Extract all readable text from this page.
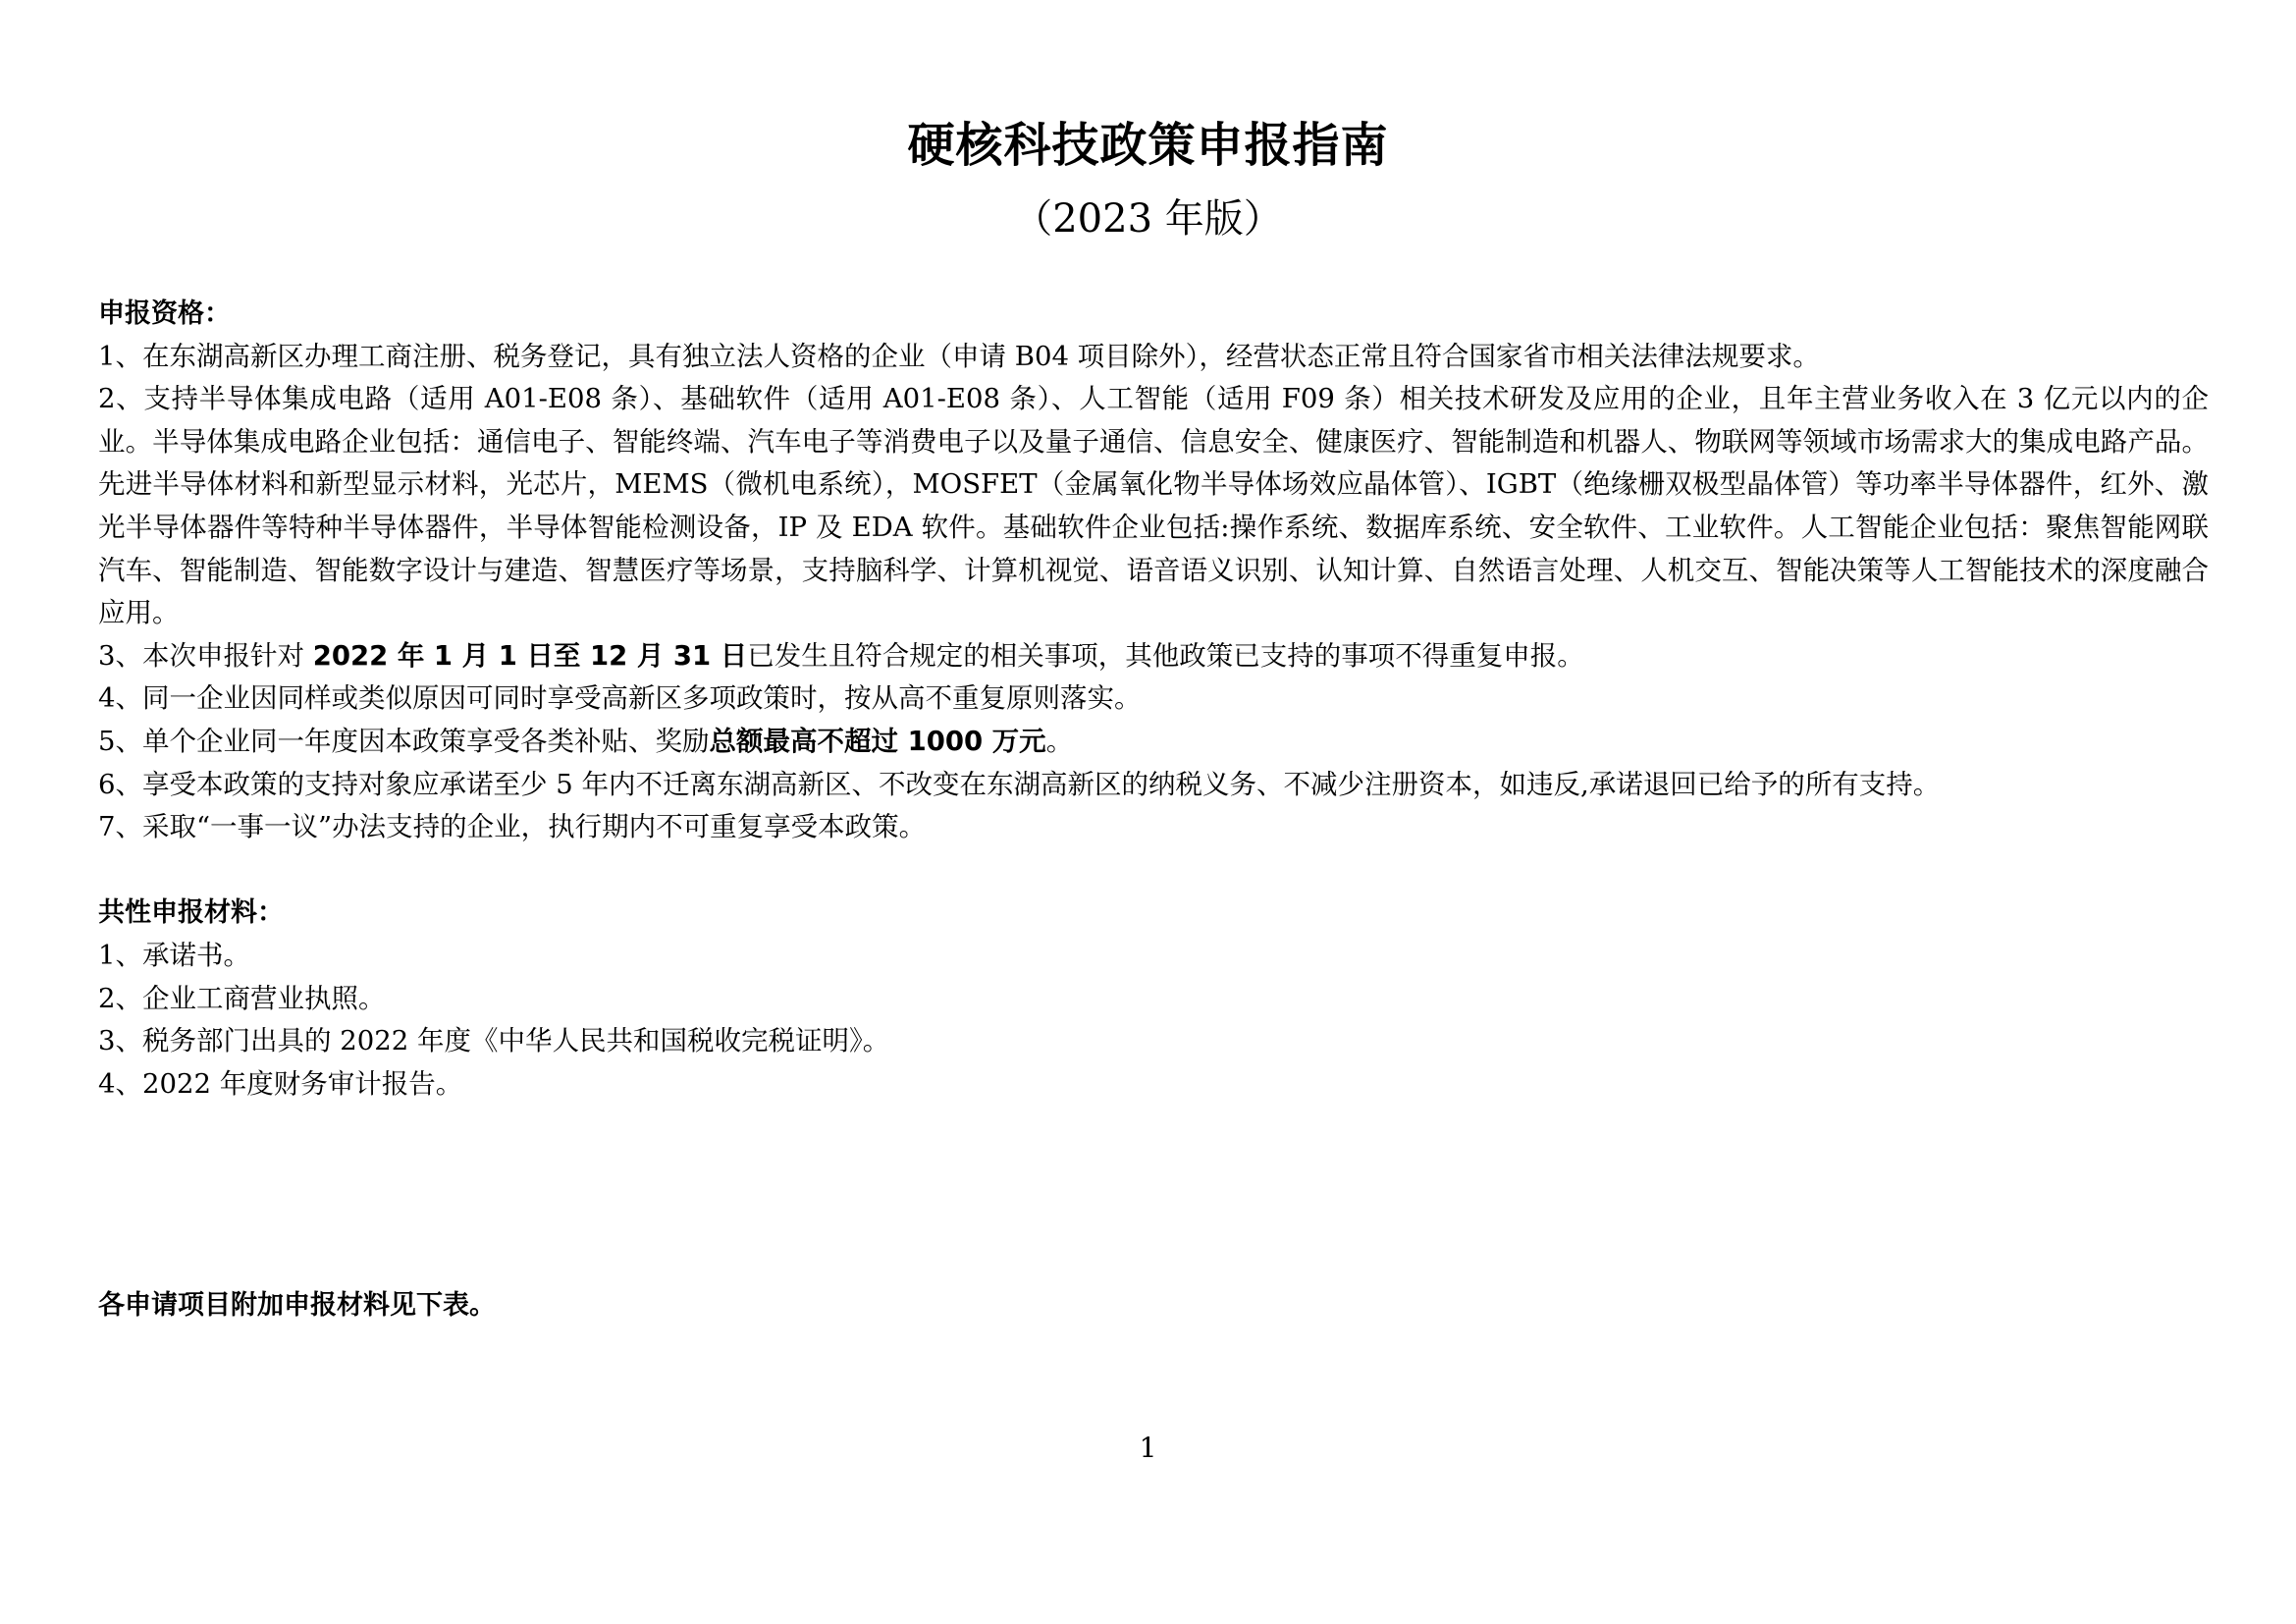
硬核科技政策申报指南

（2023 年版）

申报资格：

1、在东湖高新区办理工商注册、税务登记，具有独立法人资格的企业（申请 B04 项目除外），经营状态正常且符合国家省市相关法律法规要求。

2、支持半导体集成电路（适用 A01-E08 条）、基础软件（适用 A01-E08 条）、人工智能（适用 F09 条）相关技术研发及应用的企业，且年主营业务收入在 3 亿元以内的企业。半导体集成电路企业包括：通信电子、智能终端、汽车电子等消费电子以及量子通信、信息安全、健康医疗、智能制造和机器人、物联网等领域市场需求大的集成电路产品。先进半导体材料和新型显示材料，光芯片，MEMS（微机电系统），MOSFET（金属氧化物半导体场效应晶体管）、IGBT（绝缘栅双极型晶体管）等功率半导体器件，红外、激光半导体器件等特种半导体器件，半导体智能检测设备，IP 及 EDA 软件。基础软件企业包括:操作系统、数据库系统、安全软件、工业软件。人工智能企业包括：聚焦智能网联汽车、智能制造、智能数字设计与建造、智慧医疗等场景，支持脑科学、计算机视觉、语音语义识别、认知计算、自然语言处理、人机交互、智能决策等人工智能技术的深度融合应用。

3、本次申报针对 2022 年 1 月 1 日至 12 月 31 日已发生且符合规定的相关事项，其他政策已支持的事项不得重复申报。

4、同一企业因同样或类似原因可同时享受高新区多项政策时，按从高不重复原则落实。

5、单个企业同一年度因本政策享受各类补贴、奖励总额最高不超过 1000 万元。

6、享受本政策的支持对象应承诺至少 5 年内不迁离东湖高新区、不改变在东湖高新区的纳税义务、不减少注册资本，如违反,承诺退回已给予的所有支持。

7、采取“一事一议”办法支持的企业，执行期内不可重复享受本政策。

共性申报材料：

1、承诺书。

2、企业工商营业执照。

3、税务部门出具的 2022 年度《中华人民共和国税收完税证明》。

4、2022 年度财务审计报告。

各申请项目附加申报材料见下表。

1
